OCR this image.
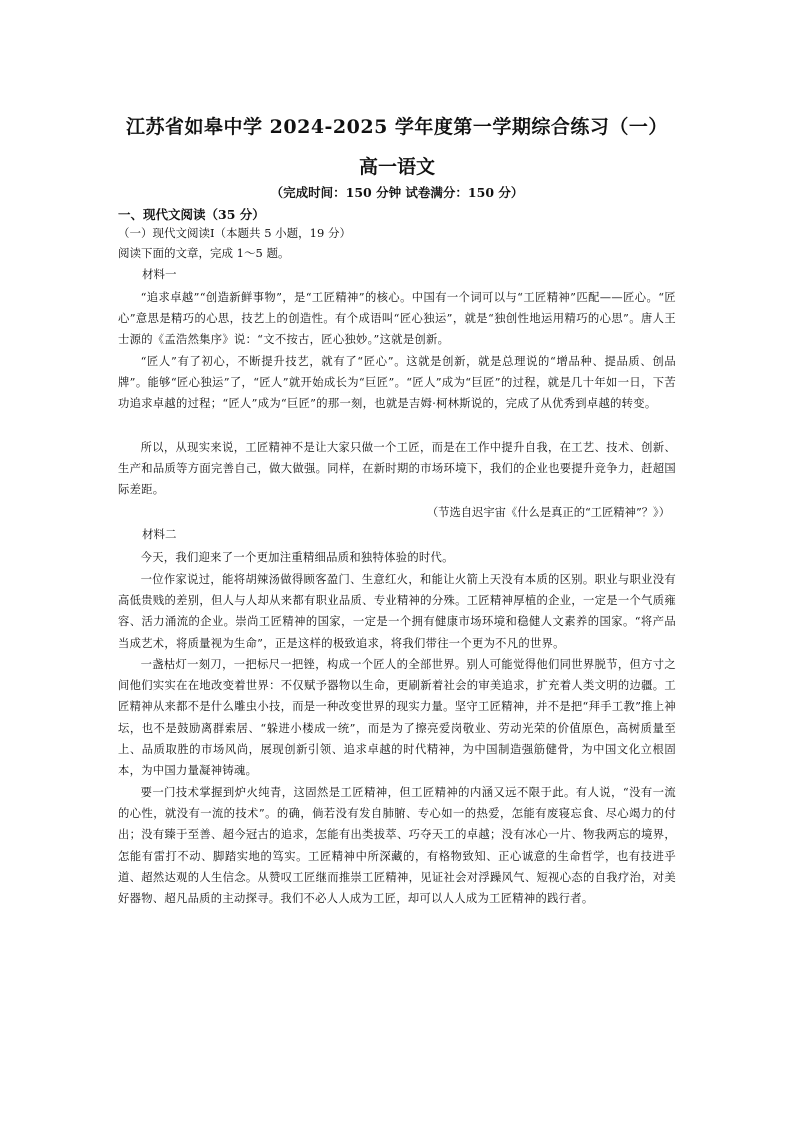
江苏省如皋中学 2024-2025 学年度第一学期综合练习（一）
高一语文
（完成时间：150 分钟 试卷满分：150 分）
一、现代文阅读（35 分）
（一）现代文阅读Ⅰ（本题共 5 小题，19 分）
阅读下面的文章，完成 1～5 题。
材料一
“追求卓越”“创造新鲜事物”，是“工匠精神”的核心。中国有一个词可以与“工匠精神”匹配——匠心。“匠心”意思是精巧的心思，技艺上的创造性。有个成语叫“匠心独运”，就是“独创性地运用精巧的心思”。唐人王士源的《孟浩然集序》说：“文不按古，匠心独妙。”这就是创新。
“匠人”有了初心，不断提升技艺，就有了“匠心”。这就是创新，就是总理说的“增品种、提品质、创品牌”。能够“匠心独运”了，“匠人”就开始成长为“巨匠”。“匠人”成为“巨匠”的过程，就是几十年如一日，下苦功追求卓越的过程；“匠人”成为“巨匠”的那一刻，也就是吉姆·柯林斯说的，完成了从优秀到卓越的转变。
所以，从现实来说，工匠精神不是让大家只做一个工匠，而是在工作中提升自我，在工艺、技术、创新、生产和品质等方面完善自己，做大做强。同样，在新时期的市场环境下，我们的企业也要提升竞争力，赶超国际差距。
（节选自迟宇宙《什么是真正的“工匠精神”？》）
材料二
今天，我们迎来了一个更加注重精细品质和独特体验的时代。
一位作家说过，能将胡辣汤做得顾客盈门、生意红火，和能让火箭上天没有本质的区别。职业与职业没有高低贵贱的差别，但人与人却从来都有职业品质、专业精神的分殊。工匠精神厚植的企业，一定是一个气质雍容、活力涌流的企业。崇尚工匠精神的国家，一定是一个拥有健康市场环境和稳健人文素养的国家。“将产品当成艺术，将质量视为生命”，正是这样的极致追求，将我们带往一个更为不凡的世界。
一盏枯灯一刻刀，一把标尺一把锉，构成一个匠人的全部世界。别人可能觉得他们同世界脱节，但方寸之间他们实实在在地改变着世界：不仅赋予器物以生命，更刷新着社会的审美追求，扩充着人类文明的边疆。工匠精神从来都不是什么雕虫小技，而是一种改变世界的现实力量。坚守工匠精神，并不是把“拜手工教”推上神坛，也不是鼓励离群索居、“躲进小楼成一统”，而是为了擦亮爱岗敬业、劳动光荣的价值原色，高树质量至上、品质取胜的市场风尚，展现创新引领、追求卓越的时代精神，为中国制造强筋健骨，为中国文化立根固本，为中国力量凝神铸魂。
要一门技术掌握到炉火纯青，这固然是工匠精神，但工匠精神的内涵又远不限于此。有人说，“没有一流的心性，就没有一流的技术”。的确，倘若没有发自肺腑、专心如一的热爱，怎能有废寝忘食、尽心竭力的付出；没有臻于至善、超今冠古的追求，怎能有出类拔萃、巧夺天工的卓越；没有冰心一片、物我两忘的境界，怎能有雷打不动、脚踏实地的笃实。工匠精神中所深藏的，有格物致知、正心诚意的生命哲学，也有技进乎道、超然达观的人生信念。从赞叹工匠继而推崇工匠精神，见证社会对浮躁风气、短视心态的自我疗治，对美好器物、超凡品质的主动探寻。我们不必人人成为工匠，却可以人人成为工匠精神的践行者。
